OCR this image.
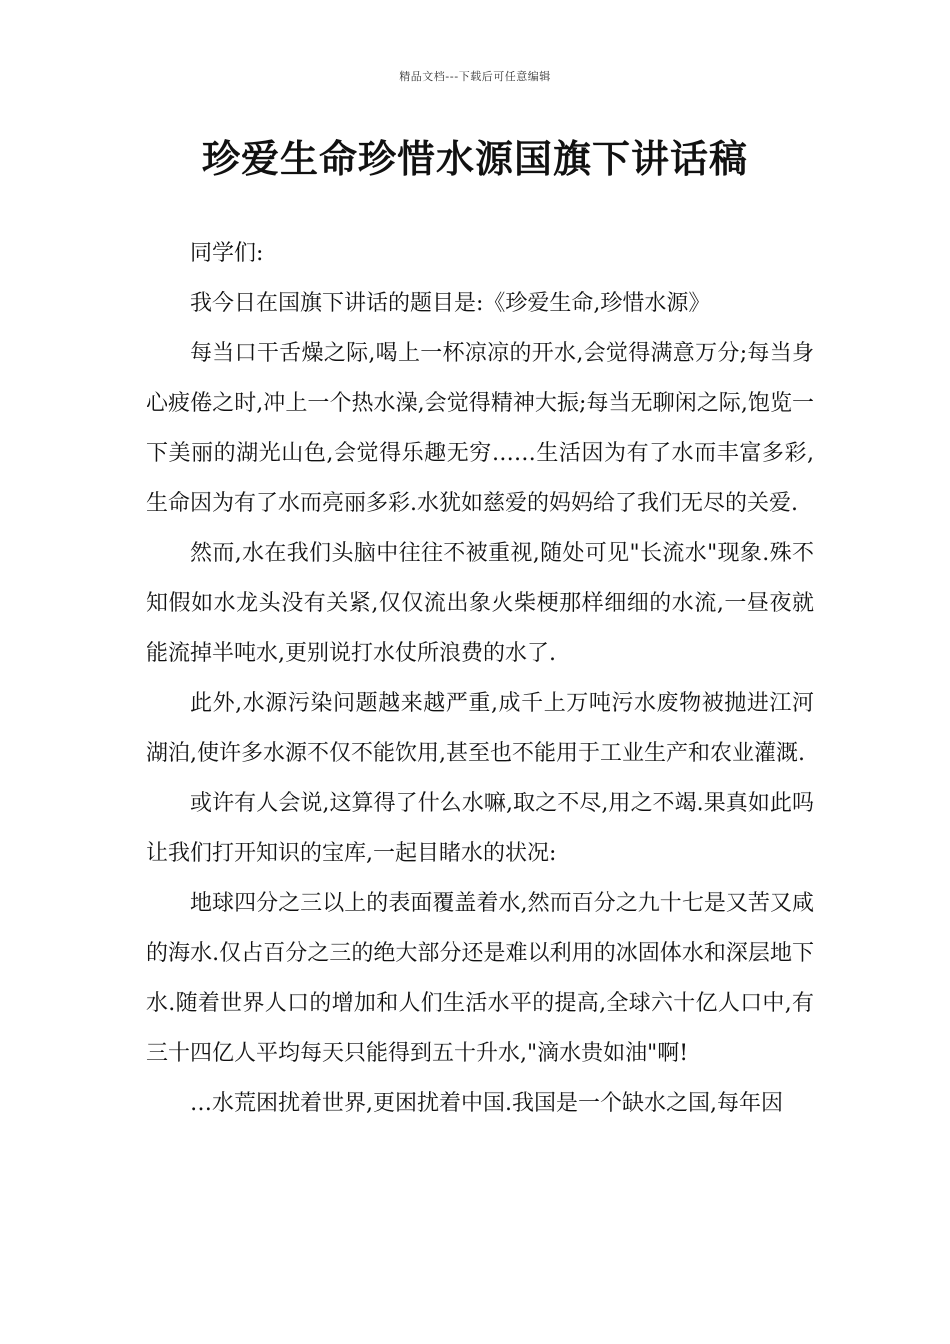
精品文档---下载后可任意编辑
珍爱生命珍惜水源国旗下讲话稿

同学们:

我今日在国旗下讲话的题目是:《珍爱生命,珍惜水源》

每当口干舌燥之际,喝上一杯凉凉的开水,会觉得满意万分;每当身心疲倦之时,冲上一个热水澡,会觉得精神大振;每当无聊闲之际,饱览一下美丽的湖光山色,会觉得乐趣无穷……生活因为有了水而丰富多彩,生命因为有了水而亮丽多彩.水犹如慈爱的妈妈给了我们无尽的关爱.

然而,水在我们头脑中往往不被重视,随处可见"长流水"现象.殊不知假如水龙头没有关紧,仅仅流出象火柴梗那样细细的水流,一昼夜就能流掉半吨水,更别说打水仗所浪费的水了.

此外,水源污染问题越来越严重,成千上万吨污水废物被抛进江河湖泊,使许多水源不仅不能饮用,甚至也不能用于工业生产和农业灌溉.

或许有人会说,这算得了什么水嘛,取之不尽,用之不竭.果真如此吗让我们打开知识的宝库,一起目睹水的状况:

地球四分之三以上的表面覆盖着水,然而百分之九十七是又苦又咸的海水.仅占百分之三的绝大部分还是难以利用的冰固体水和深层地下水.随着世界人口的增加和人们生活水平的提高,全球六十亿人口中,有三十四亿人平均每天只能得到五十升水,"滴水贵如油"啊!

…水荒困扰着世界,更困扰着中国.我国是一个缺水之国,每年因
